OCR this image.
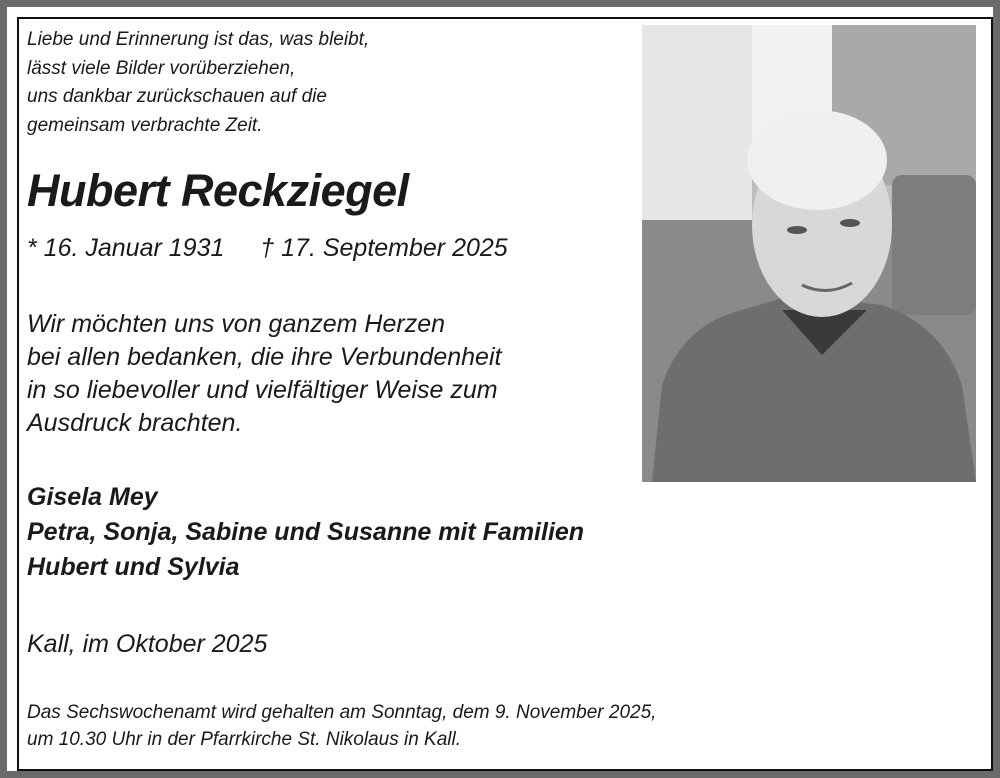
Liebe und Erinnerung ist das, was bleibt,
lässt viele Bilder vorüberziehen,
uns dankbar zurückschauen auf die
gemeinsam verbrachte Zeit.
Hubert Reckziegel
* 16. Januar 1931 † 17. September 2025
Wir möchten uns von ganzem Herzen
bei allen bedanken, die ihre Verbundenheit
in so liebevoller und vielfältiger Weise zum
Ausdruck brachten.
Gisela Mey
Petra, Sonja, Sabine und Susanne mit Familien
Hubert und Sylvia
Kall, im Oktober 2025
Das Sechswochenamt wird gehalten am Sonntag, dem 9. November 2025,
um 10.30 Uhr in der Pfarrkirche St. Nikolaus in Kall.
